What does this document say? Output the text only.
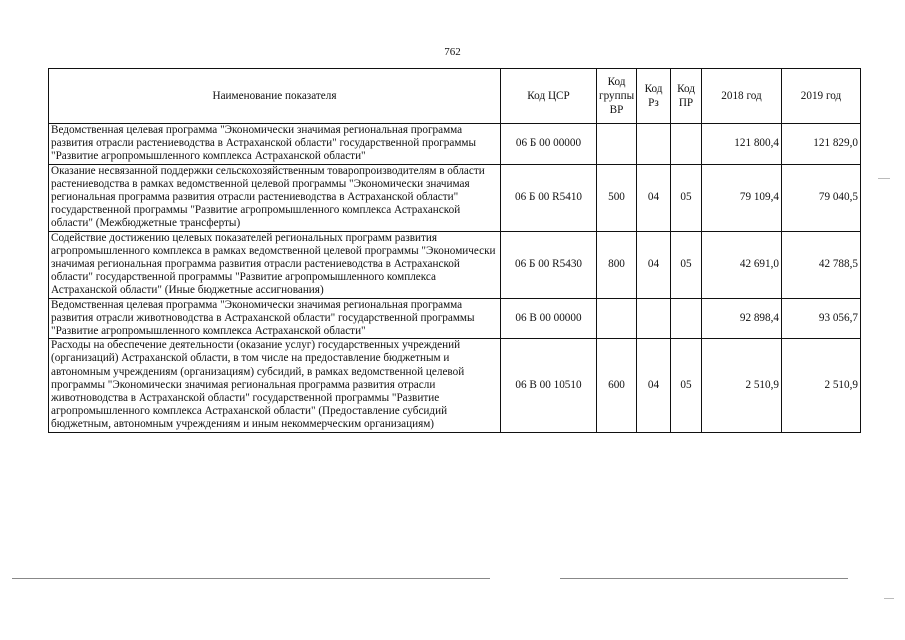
762
Наименование показателя	Код ЦСР	Код группы ВР	Код Рз	Код ПР	2018 год	2019 год
Ведомственная целевая программа "Экономически значимая региональная программа развития отрасли растениеводства в Астраханской области" государственной программы "Развитие агропромышленного комплекса Астраханской области"	06 Б 00 00000				121 800,4	121 829,0
Оказание несвязанной поддержки сельскохозяйственным товаропроизводителям в области растениеводства в рамках ведомственной целевой программы "Экономически значимая региональная программа развития отрасли растениеводства в Астраханской области" государственной программы "Развитие агропромышленного комплекса Астраханской области" (Межбюджетные трансферты)	06 Б 00 R5410	500	04	05	79 109,4	79 040,5
Содействие достижению целевых показателей региональных программ развития агропромышленного комплекса в рамках ведомственной целевой программы "Экономически значимая региональная программа развития отрасли растениеводства в Астраханской области" государственной программы "Развитие агропромышленного комплекса Астраханской области" (Иные бюджетные ассигнования)	06 Б 00 R5430	800	04	05	42 691,0	42 788,5
Ведомственная целевая программа "Экономически значимая региональная программа развития отрасли животноводства в Астраханской области" государственной программы "Развитие агропромышленного комплекса Астраханской области"	06 В 00 00000				92 898,4	93 056,7
Расходы на обеспечение деятельности (оказание услуг) государственных учреждений (организаций) Астраханской области, в том числе на предоставление бюджетным и автономным учреждениям (организациям) субсидий, в рамках ведомственной целевой программы "Экономически значимая региональная программа развития отрасли животноводства в Астраханской области" государственной программы "Развитие агропромышленного комплекса Астраханской области" (Предоставление субсидий бюджетным, автономным учреждениям и иным некоммерческим организациям)	06 В 00 10510	600	04	05	2 510,9	2 510,9
